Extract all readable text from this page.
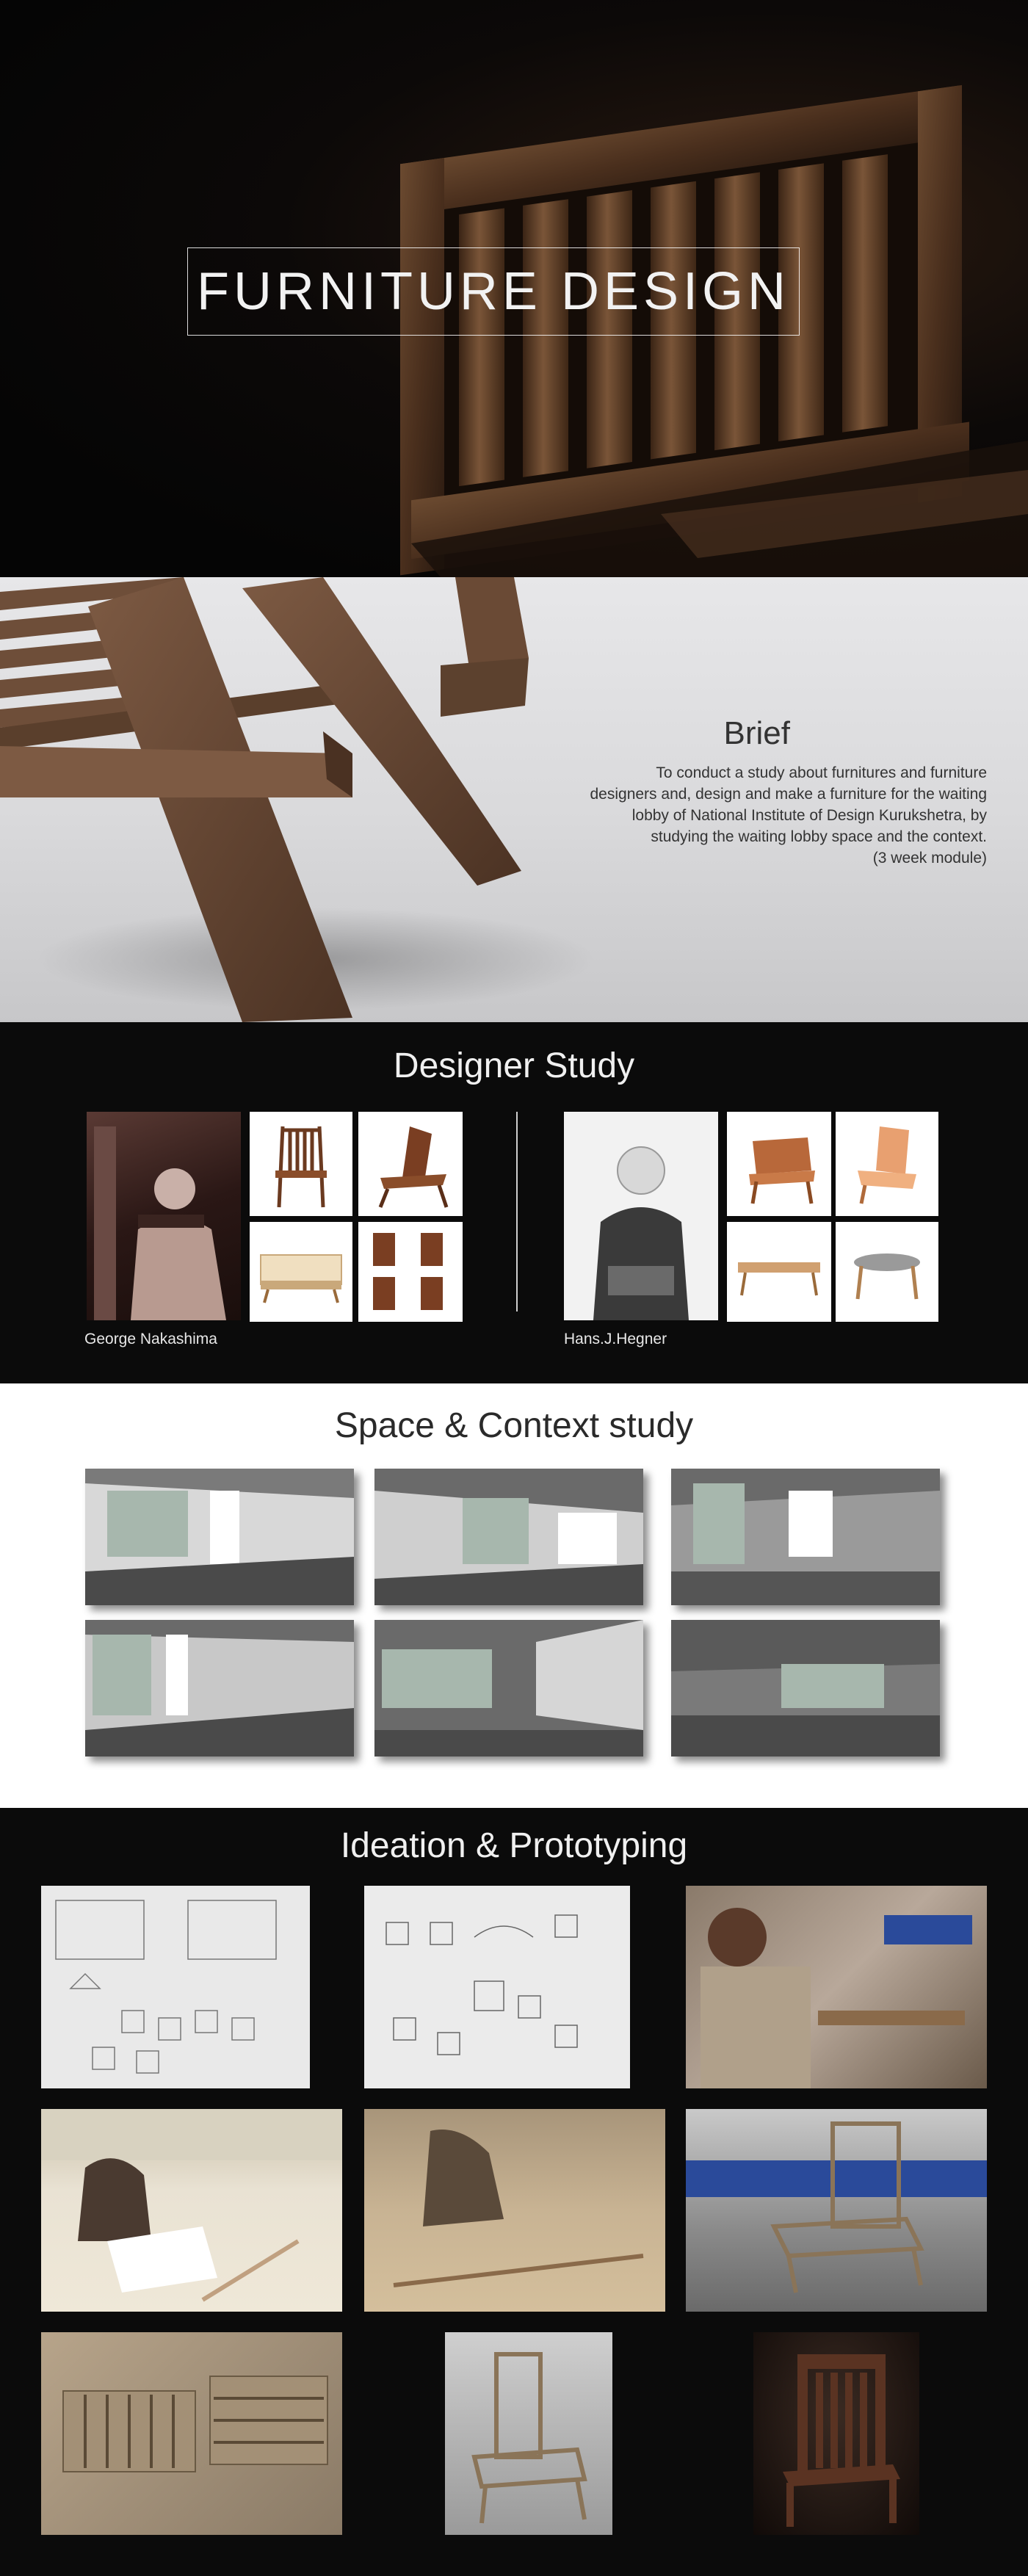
FURNITURE DESIGN
Brief
To conduct a study about furnitures and furniture
designers and, design and make a furniture for the waiting
lobby of National Institute of Design Kurukshetra, by
studying the waiting lobby space and the context.
(3 week module)
Designer Study
George Nakashima	Hans.J.Hegner
Space & Context study
Ideation & Prototyping
